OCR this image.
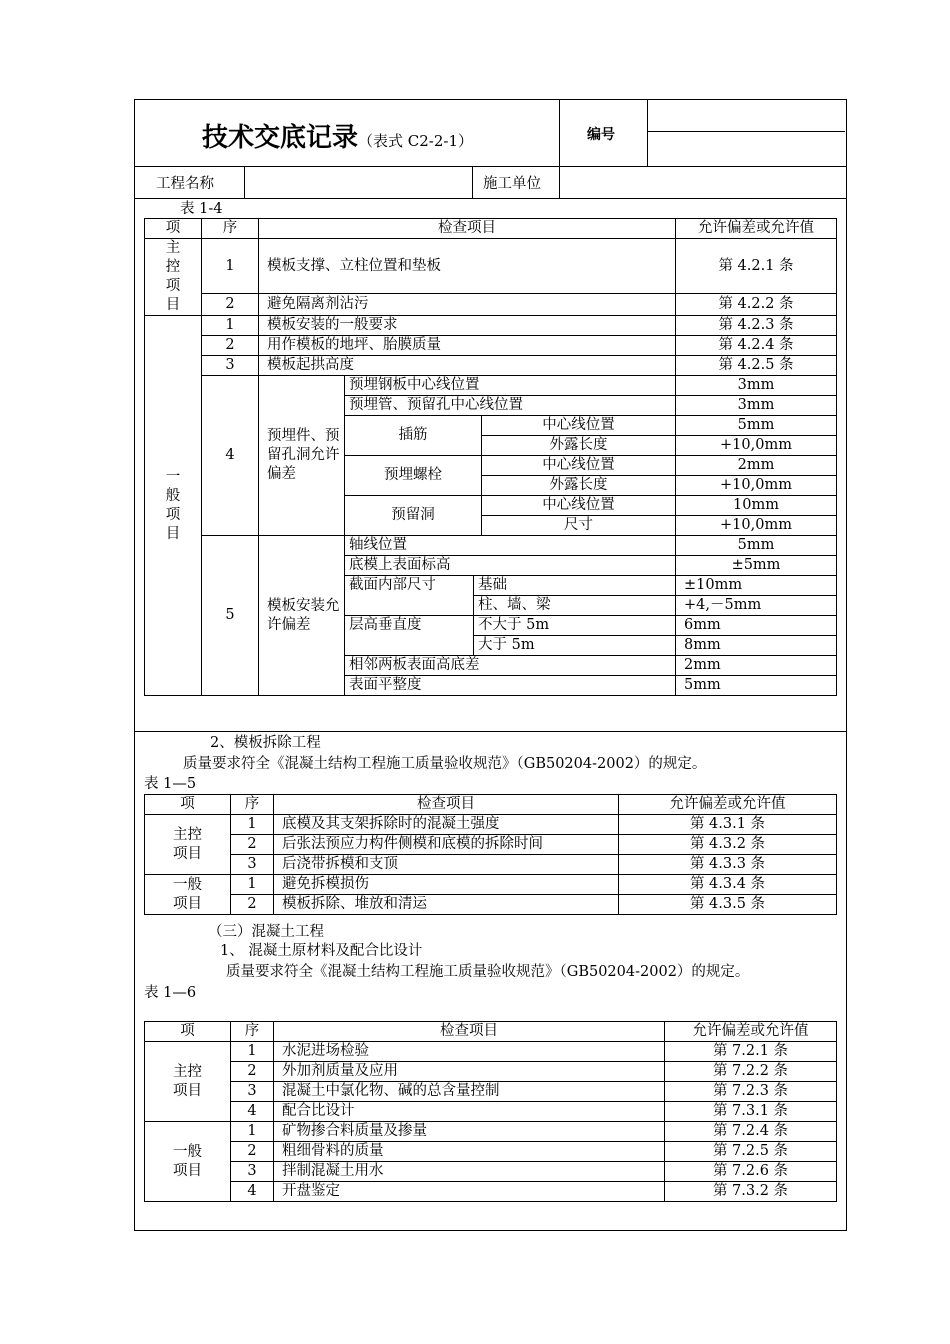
技术交底记录（表式 C2-2-1）	编号
工程名称	施工单位
表 1-4
项	序	检查项目				允许偏差或允许值
主控项目	1	模板支撑、立柱位置和垫板				第 4.2.1 条
	2	避免隔离剂沾污				第 4.2.2 条
一般项目	1	模板安装的一般要求				第 4.2.3 条
	2	用作模板的地坪、胎膜质量				第 4.2.4 条
	3	模板起拱高度				第 4.2.5 条
	4	预埋件、预留孔洞允许偏差	预埋钢板中心线位置			3mm
			预埋管、预留孔中心线位置			3mm
			插筋		中心线位置	5mm
					外露长度	+10,0mm
			预埋螺栓		中心线位置	2mm
					外露长度	+10,0mm
			预留洞		中心线位置	10mm
					尺寸	+10,0mm
	5	模板安装允许偏差	轴线位置			5mm
			底模上表面标高			±5mm
			截面内部尺寸	基础		±10mm
				柱、墙、梁		+4,－5mm
			层高垂直度	不大于 5m		6mm
				大于 5m		8mm
			相邻两板表面高底差			2mm
			表面平整度			5mm
2、模板拆除工程
质量要求符全《混凝土结构工程施工质量验收规范》（GB50204-2002）的规定。
表 1—5
项	序	检查项目	允许偏差或允许值
主控
项目	1	底模及其支架拆除时的混凝土强度	第 4.3.1 条
	2	后张法预应力构件侧模和底模的拆除时间	第 4.3.2 条
	3	后浇带拆模和支顶	第 4.3.3 条
一般
项目	1	避免拆模损伤	第 4.3.4 条
	2	模板拆除、堆放和清运	第 4.3.5 条
（三）混凝土工程
1、 混凝土原材料及配合比设计
质量要求符全《混凝土结构工程施工质量验收规范》（GB50204-2002）的规定。
表 1—6
项	序	检查项目	允许偏差或允许值
主控
项目	1	水泥进场检验	第 7.2.1 条
	2	外加剂质量及应用	第 7.2.2 条
	3	混凝土中氯化物、碱的总含量控制	第 7.2.3 条
	4	配合比设计	第 7.3.1 条
一般
项目	1	矿物掺合料质量及掺量	第 7.2.4 条
	2	粗细骨料的质量	第 7.2.5 条
	3	拌制混凝土用水	第 7.2.6 条
	4	开盘鉴定	第 7.3.2 条
